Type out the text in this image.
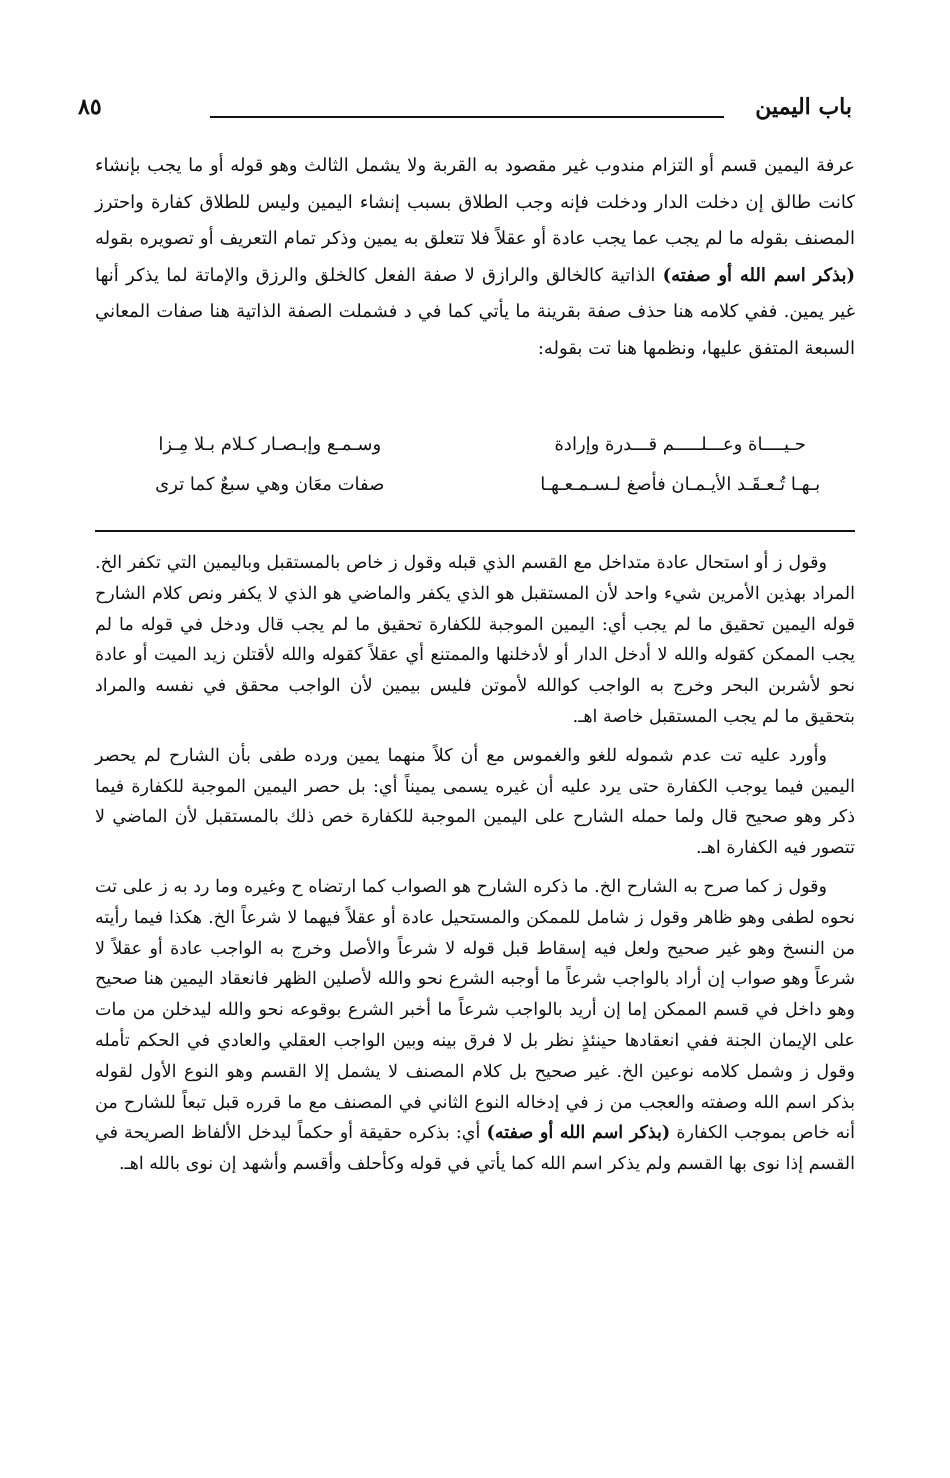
باب اليمين
٨٥

عرفة اليمين قسم أو التزام مندوب غير مقصود به القربة ولا يشمل الثالث وهو قوله أو ما يجب بإنشاء كانت طالق إن دخلت الدار ودخلت فإنه وجب الطلاق بسبب إنشاء اليمين وليس للطلاق كفارة واحترز المصنف بقوله ما لم يجب عما يجب عادة أو عقلاً فلا تتعلق به يمين وذكر تمام التعريف أو تصويره بقوله (بذكر اسم الله أو صفته) الذاتية كالخالق والرازق لا صفة الفعل كالخلق والرزق والإماتة لما يذكر أنها غير يمين. ففي كلامه هنا حذف صفة بقرينة ما يأتي كما في د فشملت الصفة الذاتية هنا صفات المعاني السبعة المتفق عليها، ونظمها هنا تت بقوله:

حـيــــاة وعـــلـــــم قـــدرة وإرادة
وسـمـع وإبـصـار كـلام بـلا مِـزا
بـهـا تُـعـقَـد الأيـمـان فأصغ لـسـمـعـهـا
صفات معَان وهي سبعٌ كما ترى

وقول ز أو استحال عادة متداخل مع القسم الذي قبله وقول ز خاص بالمستقبل وباليمين التي تكفر الخ. المراد بهذين الأمرين شيء واحد لأن المستقبل هو الذي يكفر والماضي هو الذي لا يكفر ونص كلام الشارح قوله اليمين تحقيق ما لم يجب أي: اليمين الموجبة للكفارة تحقيق ما لم يجب قال ودخل في قوله ما لم يجب الممكن كقوله والله لا أدخل الدار أو لأدخلنها والممتنع أي عقلاً كقوله والله لأقتلن زيد الميت أو عادة نحو لأشربن البحر وخرج به الواجب كوالله لأموتن فليس بيمين لأن الواجب محقق في نفسه والمراد بتحقيق ما لم يجب المستقبل خاصة اهـ.

وأورد عليه تت عدم شموله للغو والغموس مع أن كلاً منهما يمين ورده طفى بأن الشارح لم يحصر اليمين فيما يوجب الكفارة حتى يرد عليه أن غيره يسمى يميناً أي: بل حصر اليمين الموجبة للكفارة فيما ذكر وهو صحيح قال ولما حمله الشارح على اليمين الموجبة للكفارة خص ذلك بالمستقبل لأن الماضي لا تتصور فيه الكفارة اهـ.

وقول ز كما صرح به الشارح الخ. ما ذكره الشارح هو الصواب كما ارتضاه ح وغيره وما رد به ز على تت نحوه لطفى وهو ظاهر وقول ز شامل للممكن والمستحيل عادة أو عقلاً فيهما لا شرعاً الخ. هكذا فيما رأيته من النسخ وهو غير صحيح ولعل فيه إسقاط قبل قوله لا شرعاً والأصل وخرج به الواجب عادة أو عقلاً لا شرعاً وهو صواب إن أراد بالواجب شرعاً ما أوجبه الشرع نحو والله لأصلين الظهر فانعقاد اليمين هنا صحيح وهو داخل في قسم الممكن إما إن أريد بالواجب شرعاً ما أخبر الشرع بوقوعه نحو والله ليدخلن من مات على الإيمان الجنة ففي انعقادها حينئذٍ نظر بل لا فرق بينه وبين الواجب العقلي والعادي في الحكم تأمله وقول ز وشمل كلامه نوعين الخ. غير صحيح بل كلام المصنف لا يشمل إلا القسم وهو النوع الأول لقوله بذكر اسم الله وصفته والعجب من ز في إدخاله النوع الثاني في المصنف مع ما قرره قبل تبعاً للشارح من أنه خاص بموجب الكفارة (بذكر اسم الله أو صفته) أي: بذكره حقيقة أو حكماً ليدخل الألفاظ الصريحة في القسم إذا نوى بها القسم ولم يذكر اسم الله كما يأتي في قوله وكأحلف وأقسم وأشهد إن نوى بالله اهـ.
